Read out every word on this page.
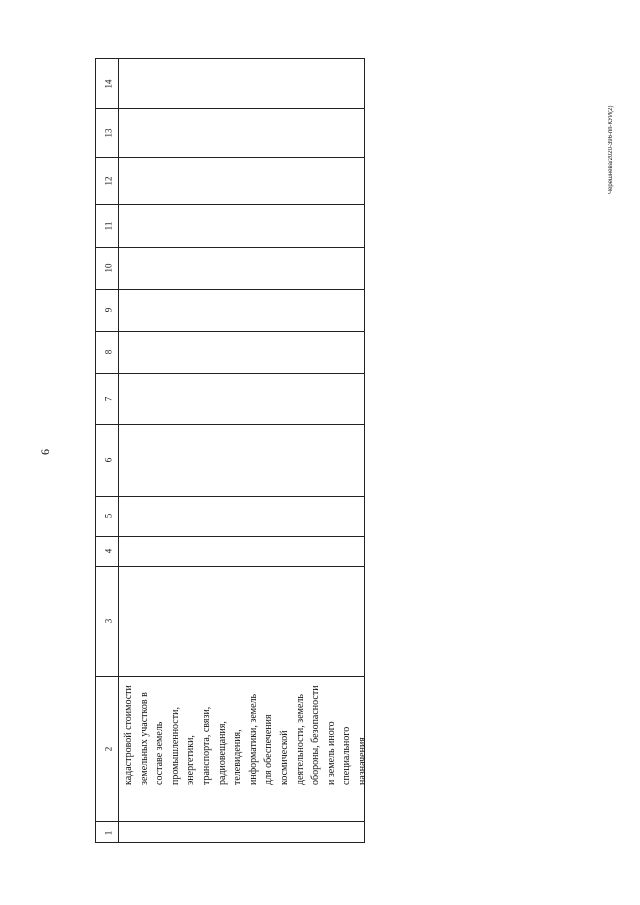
6
Черешнева/2020-396-пп-КУИ(2)
14
13
12
11
10
9
8
7
6
5
4
3
2
1
кадастровой стоимости земельных участков в составе земель промышленности, энергетики, транспорта, связи, радиовещания, телевидения, информатики, земель для обеспечения космической деятельности, земель обороны, безопасности и земель иного специального назначения
